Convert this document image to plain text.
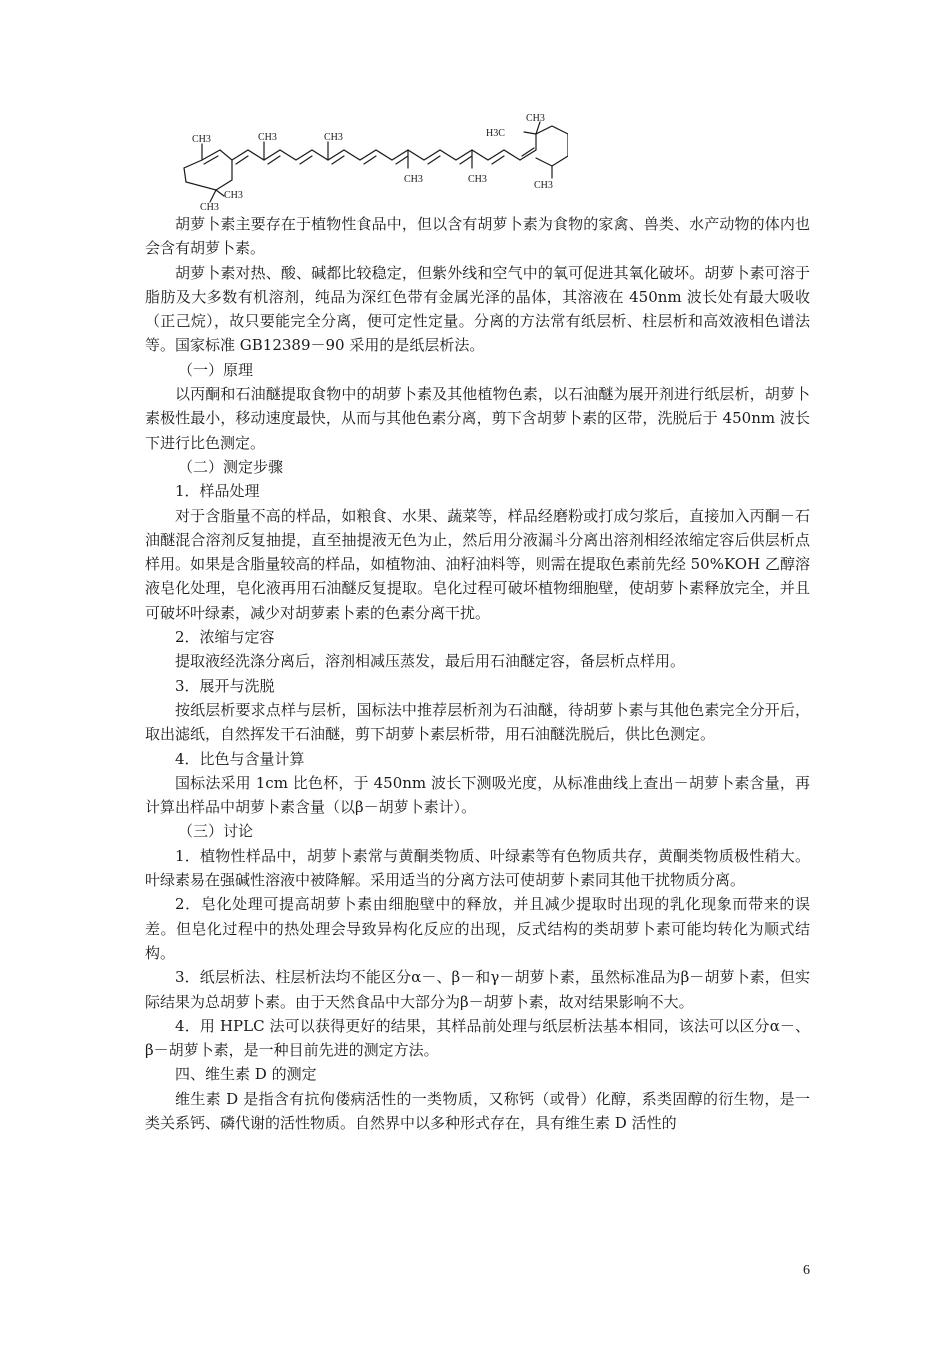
CH3	CH3	CH3
CH3	CH3
CH3
CH3
H3C
CH3
CH3

胡萝卜素主要存在于植物性食品中，但以含有胡萝卜素为食物的家禽、兽类、水产动物的体内也会含有胡萝卜素。

胡萝卜素对热、酸、碱都比较稳定，但紫外线和空气中的氧可促进其氧化破坏。胡萝卜素可溶于脂肪及大多数有机溶剂，纯品为深红色带有金属光泽的晶体，其溶液在 450nm 波长处有最大吸收（正己烷），故只要能完全分离，便可定性定量。分离的方法常有纸层析、柱层析和高效液相色谱法等。国家标准 GB12389－90 采用的是纸层析法。

（一）原理

以丙酮和石油醚提取食物中的胡萝卜素及其他植物色素，以石油醚为展开剂进行纸层析，胡萝卜素极性最小，移动速度最快，从而与其他色素分离，剪下含胡萝卜素的区带，洗脱后于 450nm 波长下进行比色测定。

（二）测定步骤

1．样品处理

对于含脂量不高的样品，如粮食、水果、蔬菜等，样品经磨粉或打成匀浆后，直接加入丙酮－石油醚混合溶剂反复抽提，直至抽提液无色为止，然后用分液漏斗分离出溶剂相经浓缩定容后供层析点样用。如果是含脂量较高的样品，如植物油、油籽油料等，则需在提取色素前先经 50%KOH 乙醇溶液皂化处理，皂化液再用石油醚反复提取。皂化过程可破坏植物细胞壁，使胡萝卜素释放完全，并且可破坏叶绿素，减少对胡萝素卜素的色素分离干扰。

2．浓缩与定容

提取液经洗涤分离后，溶剂相减压蒸发，最后用石油醚定容，备层析点样用。

3．展开与洗脱

按纸层析要求点样与层析，国标法中推荐层析剂为石油醚，待胡萝卜素与其他色素完全分开后，取出滤纸，自然挥发干石油醚，剪下胡萝卜素层析带，用石油醚洗脱后，供比色测定。

4．比色与含量计算

国标法采用 1cm 比色杯，于 450nm 波长下测吸光度，从标准曲线上查出－胡萝卜素含量，再计算出样品中胡萝卜素含量（以β－胡萝卜素计）。

（三）讨论

1．植物性样品中，胡萝卜素常与黄酮类物质、叶绿素等有色物质共存，黄酮类物质极性稍大。叶绿素易在强碱性溶液中被降解。采用适当的分离方法可使胡萝卜素同其他干扰物质分离。

2．皂化处理可提高胡萝卜素由细胞壁中的释放，并且减少提取时出现的乳化现象而带来的误差。但皂化过程中的热处理会导致异构化反应的出现，反式结构的类胡萝卜素可能均转化为顺式结构。

3．纸层析法、柱层析法均不能区分α－、β－和γ－胡萝卜素，虽然标准品为β－胡萝卜素，但实际结果为总胡萝卜素。由于天然食品中大部分为β－胡萝卜素，故对结果影响不大。

4．用 HPLC 法可以获得更好的结果，其样品前处理与纸层析法基本相同，该法可以区分α－、β－胡萝卜素，是一种目前先进的测定方法。

四、维生素 D 的测定

维生素 D 是指含有抗佝偻病活性的一类物质，又称钙（或骨）化醇，系类固醇的衍生物，是一类关系钙、磷代谢的活性物质。自然界中以多种形式存在，具有维生素 D 活性的

6
